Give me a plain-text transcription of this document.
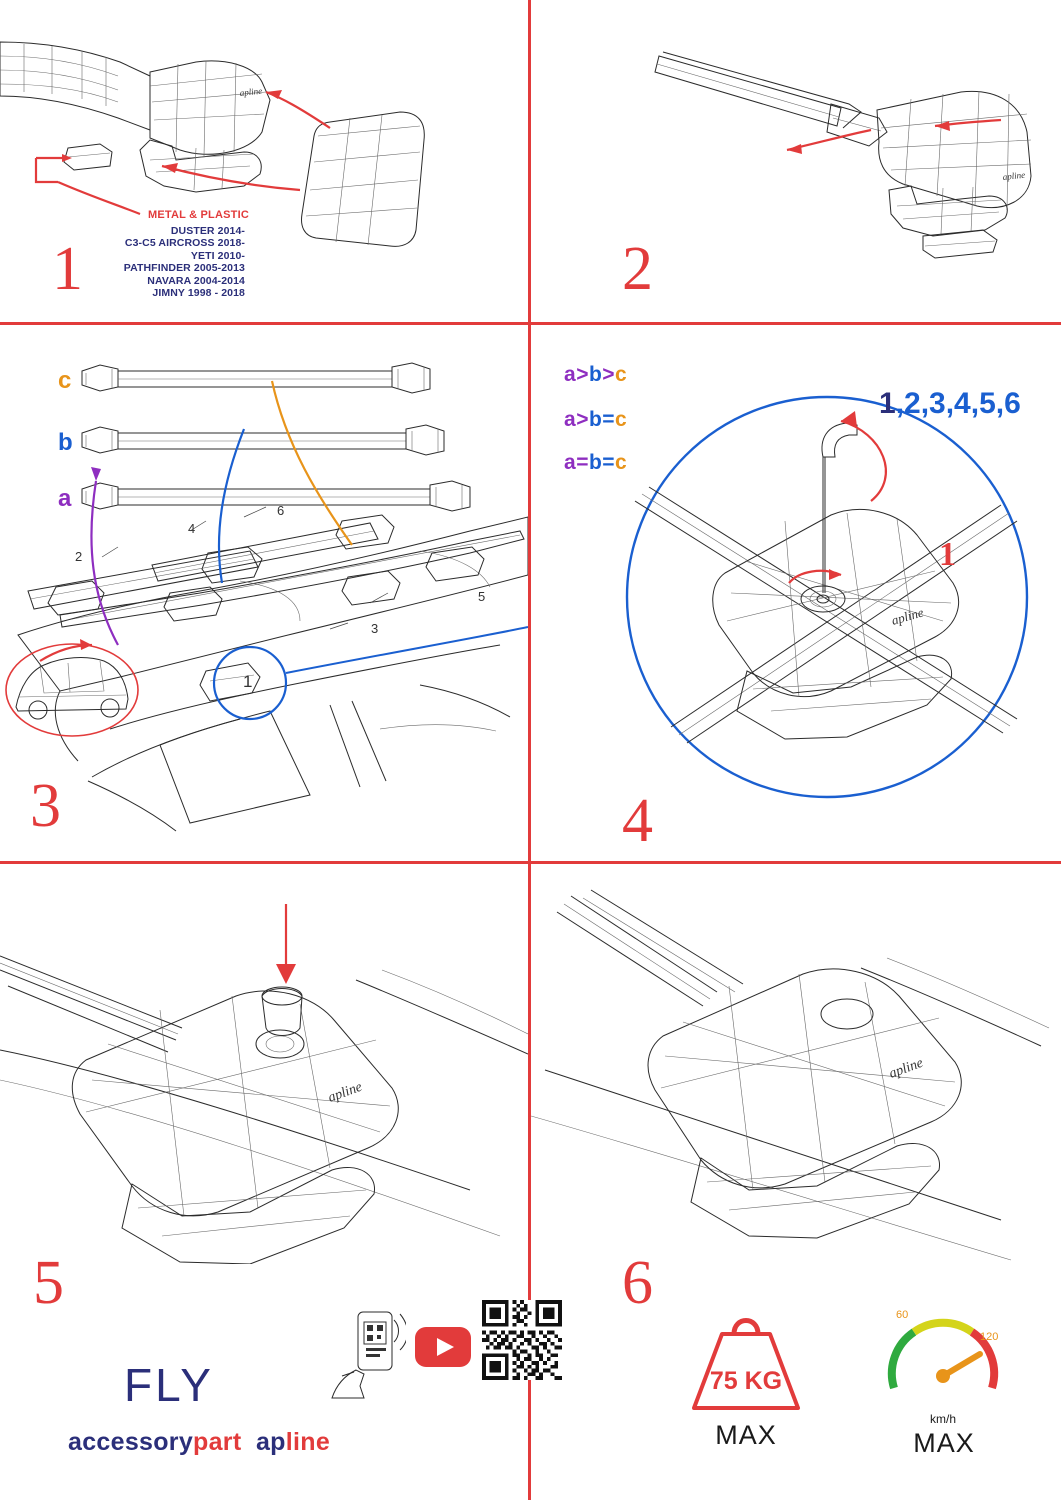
apline
METAL & PLASTIC
DUSTER 2014-
C3-C5 AIRCROSS 2018-
YETI 2010-
PATHFINDER 2005-2013
NAVARA 2004-2014
JIMNY 1998 - 2018
1
apline
2
c
b
a
2
4
6
3
5
1
3
a>b>c
a>b=c
a=b=c
apline
1,2,3,4,5,6
1
4
apline
5
apline
6
FLY
accessorypart apline
75 KG
MAX
60
120
km/h
MAX
